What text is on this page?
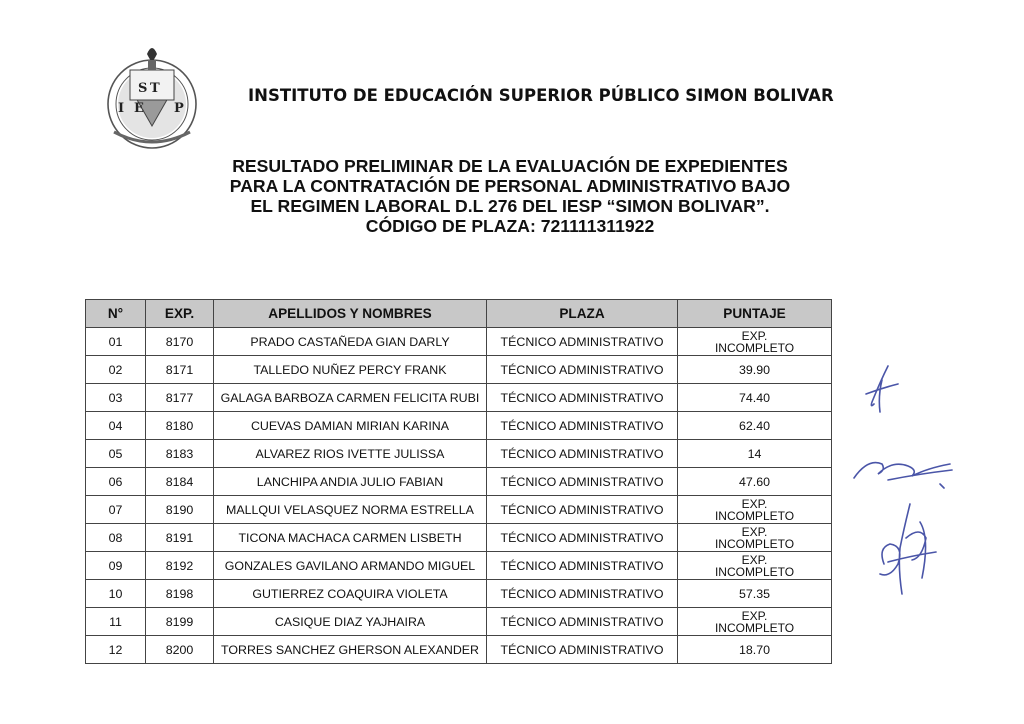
S T
I E P
INSTITUTO DE EDUCACIÓN SUPERIOR PÚBLICO SIMON BOLIVAR
RESULTADO PRELIMINAR DE LA EVALUACIÓN DE EXPEDIENTES
PARA LA CONTRATACIÓN DE PERSONAL ADMINISTRATIVO BAJO
EL REGIMEN LABORAL D.L 276 DEL IESP “SIMON BOLIVAR”.
CÓDIGO DE PLAZA: 721111311922
N°	EXP.	APELLIDOS Y NOMBRES	PLAZA	PUNTAJE
01	8170	PRADO CASTAÑEDA GIAN DARLY	TÉCNICO ADMINISTRATIVO	EXP.
INCOMPLETO

02	8171	TALLEDO NUÑEZ PERCY FRANK	TÉCNICO ADMINISTRATIVO	39.90

03	8177	GALAGA BARBOZA CARMEN FELICITA RUBI	TÉCNICO ADMINISTRATIVO	74.40

04	8180	CUEVAS DAMIAN MIRIAN KARINA	TÉCNICO ADMINISTRATIVO	62.40

05	8183	ALVAREZ RIOS IVETTE JULISSA	TÉCNICO ADMINISTRATIVO	14

06	8184	LANCHIPA ANDIA JULIO FABIAN	TÉCNICO ADMINISTRATIVO	47.60

07	8190	MALLQUI VELASQUEZ NORMA ESTRELLA	TÉCNICO ADMINISTRATIVO	EXP.
INCOMPLETO

08	8191	TICONA MACHACA CARMEN LISBETH	TÉCNICO ADMINISTRATIVO	EXP.
INCOMPLETO

09	8192	GONZALES GAVILANO ARMANDO MIGUEL	TÉCNICO ADMINISTRATIVO	EXP.
INCOMPLETO

10	8198	GUTIERREZ COAQUIRA VIOLETA	TÉCNICO ADMINISTRATIVO	57.35

11	8199	CASIQUE DIAZ YAJHAIRA	TÉCNICO ADMINISTRATIVO	EXP.
INCOMPLETO

12	8200	TORRES SANCHEZ GHERSON ALEXANDER	TÉCNICO ADMINISTRATIVO	18.70
